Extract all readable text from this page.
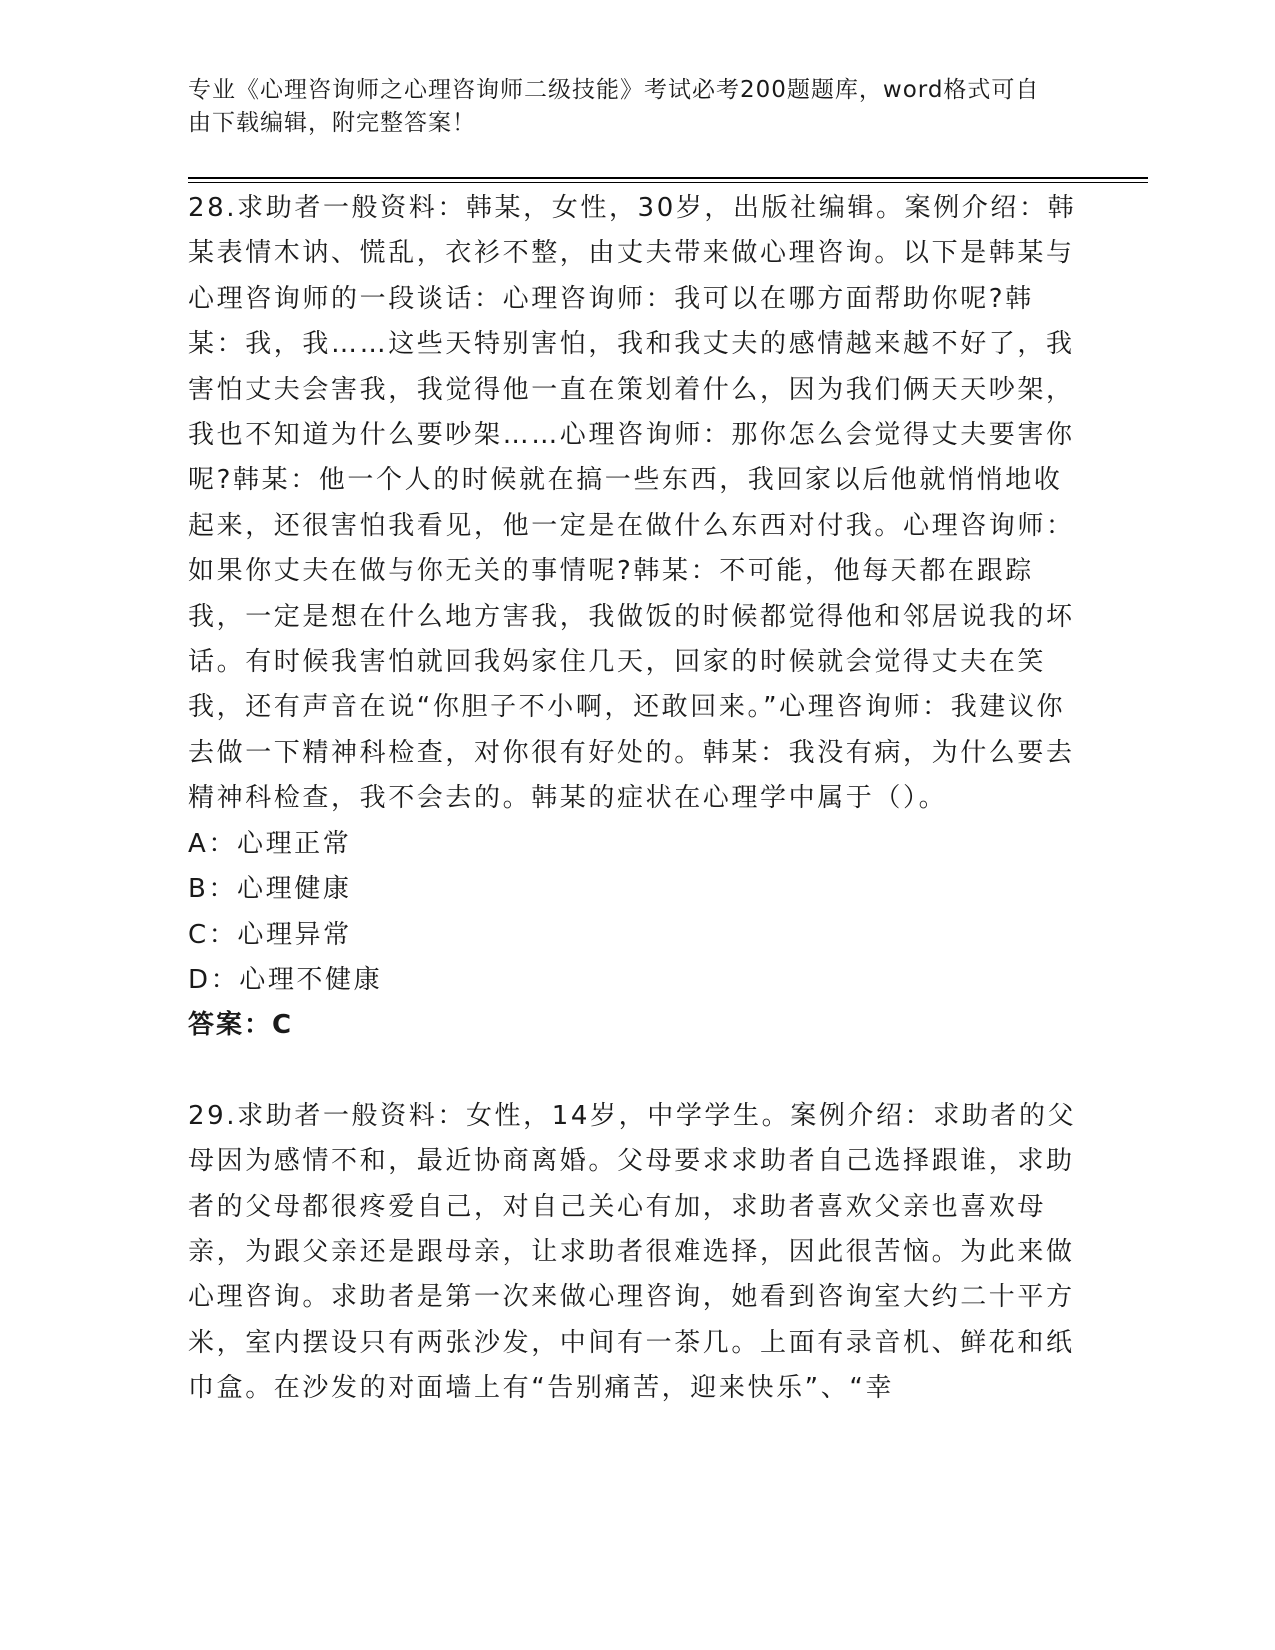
专业《心理咨询师之心理咨询师二级技能》考试必考200题题库，word格式可自
由下载编辑，附完整答案！

28.求助者一般资料：韩某，女性，30岁，出版社编辑。案例介绍：韩某表情木讷、慌乱，衣衫不整，由丈夫带来做心理咨询。以下是韩某与心理咨询师的一段谈话：心理咨询师：我可以在哪方面帮助你呢?韩某：我，我……这些天特别害怕，我和我丈夫的感情越来越不好了，我害怕丈夫会害我，我觉得他一直在策划着什么，因为我们俩天天吵架，我也不知道为什么要吵架……心理咨询师：那你怎么会觉得丈夫要害你呢?韩某：他一个人的时候就在搞一些东西，我回家以后他就悄悄地收起来，还很害怕我看见，他一定是在做什么东西对付我。心理咨询师：如果你丈夫在做与你无关的事情呢?韩某：不可能，他每天都在跟踪我，一定是想在什么地方害我，我做饭的时候都觉得他和邻居说我的坏话。有时候我害怕就回我妈家住几天，回家的时候就会觉得丈夫在笑我，还有声音在说“你胆子不小啊，还敢回来。”心理咨询师：我建议你去做一下精神科检查，对你很有好处的。韩某：我没有病，为什么要去精神科检查，我不会去的。韩某的症状在心理学中属于（）。

A：心理正常

B：心理健康

C：心理异常

D：心理不健康

答案：C

29.求助者一般资料：女性，14岁，中学学生。案例介绍：求助者的父母因为感情不和，最近协商离婚。父母要求求助者自己选择跟谁，求助者的父母都很疼爱自己，对自己关心有加，求助者喜欢父亲也喜欢母亲，为跟父亲还是跟母亲，让求助者很难选择，因此很苦恼。为此来做心理咨询。求助者是第一次来做心理咨询，她看到咨询室大约二十平方米，室内摆设只有两张沙发，中间有一茶几。上面有录音机、鲜花和纸巾盒。在沙发的对面墙上有“告别痛苦，迎来快乐”、“幸
